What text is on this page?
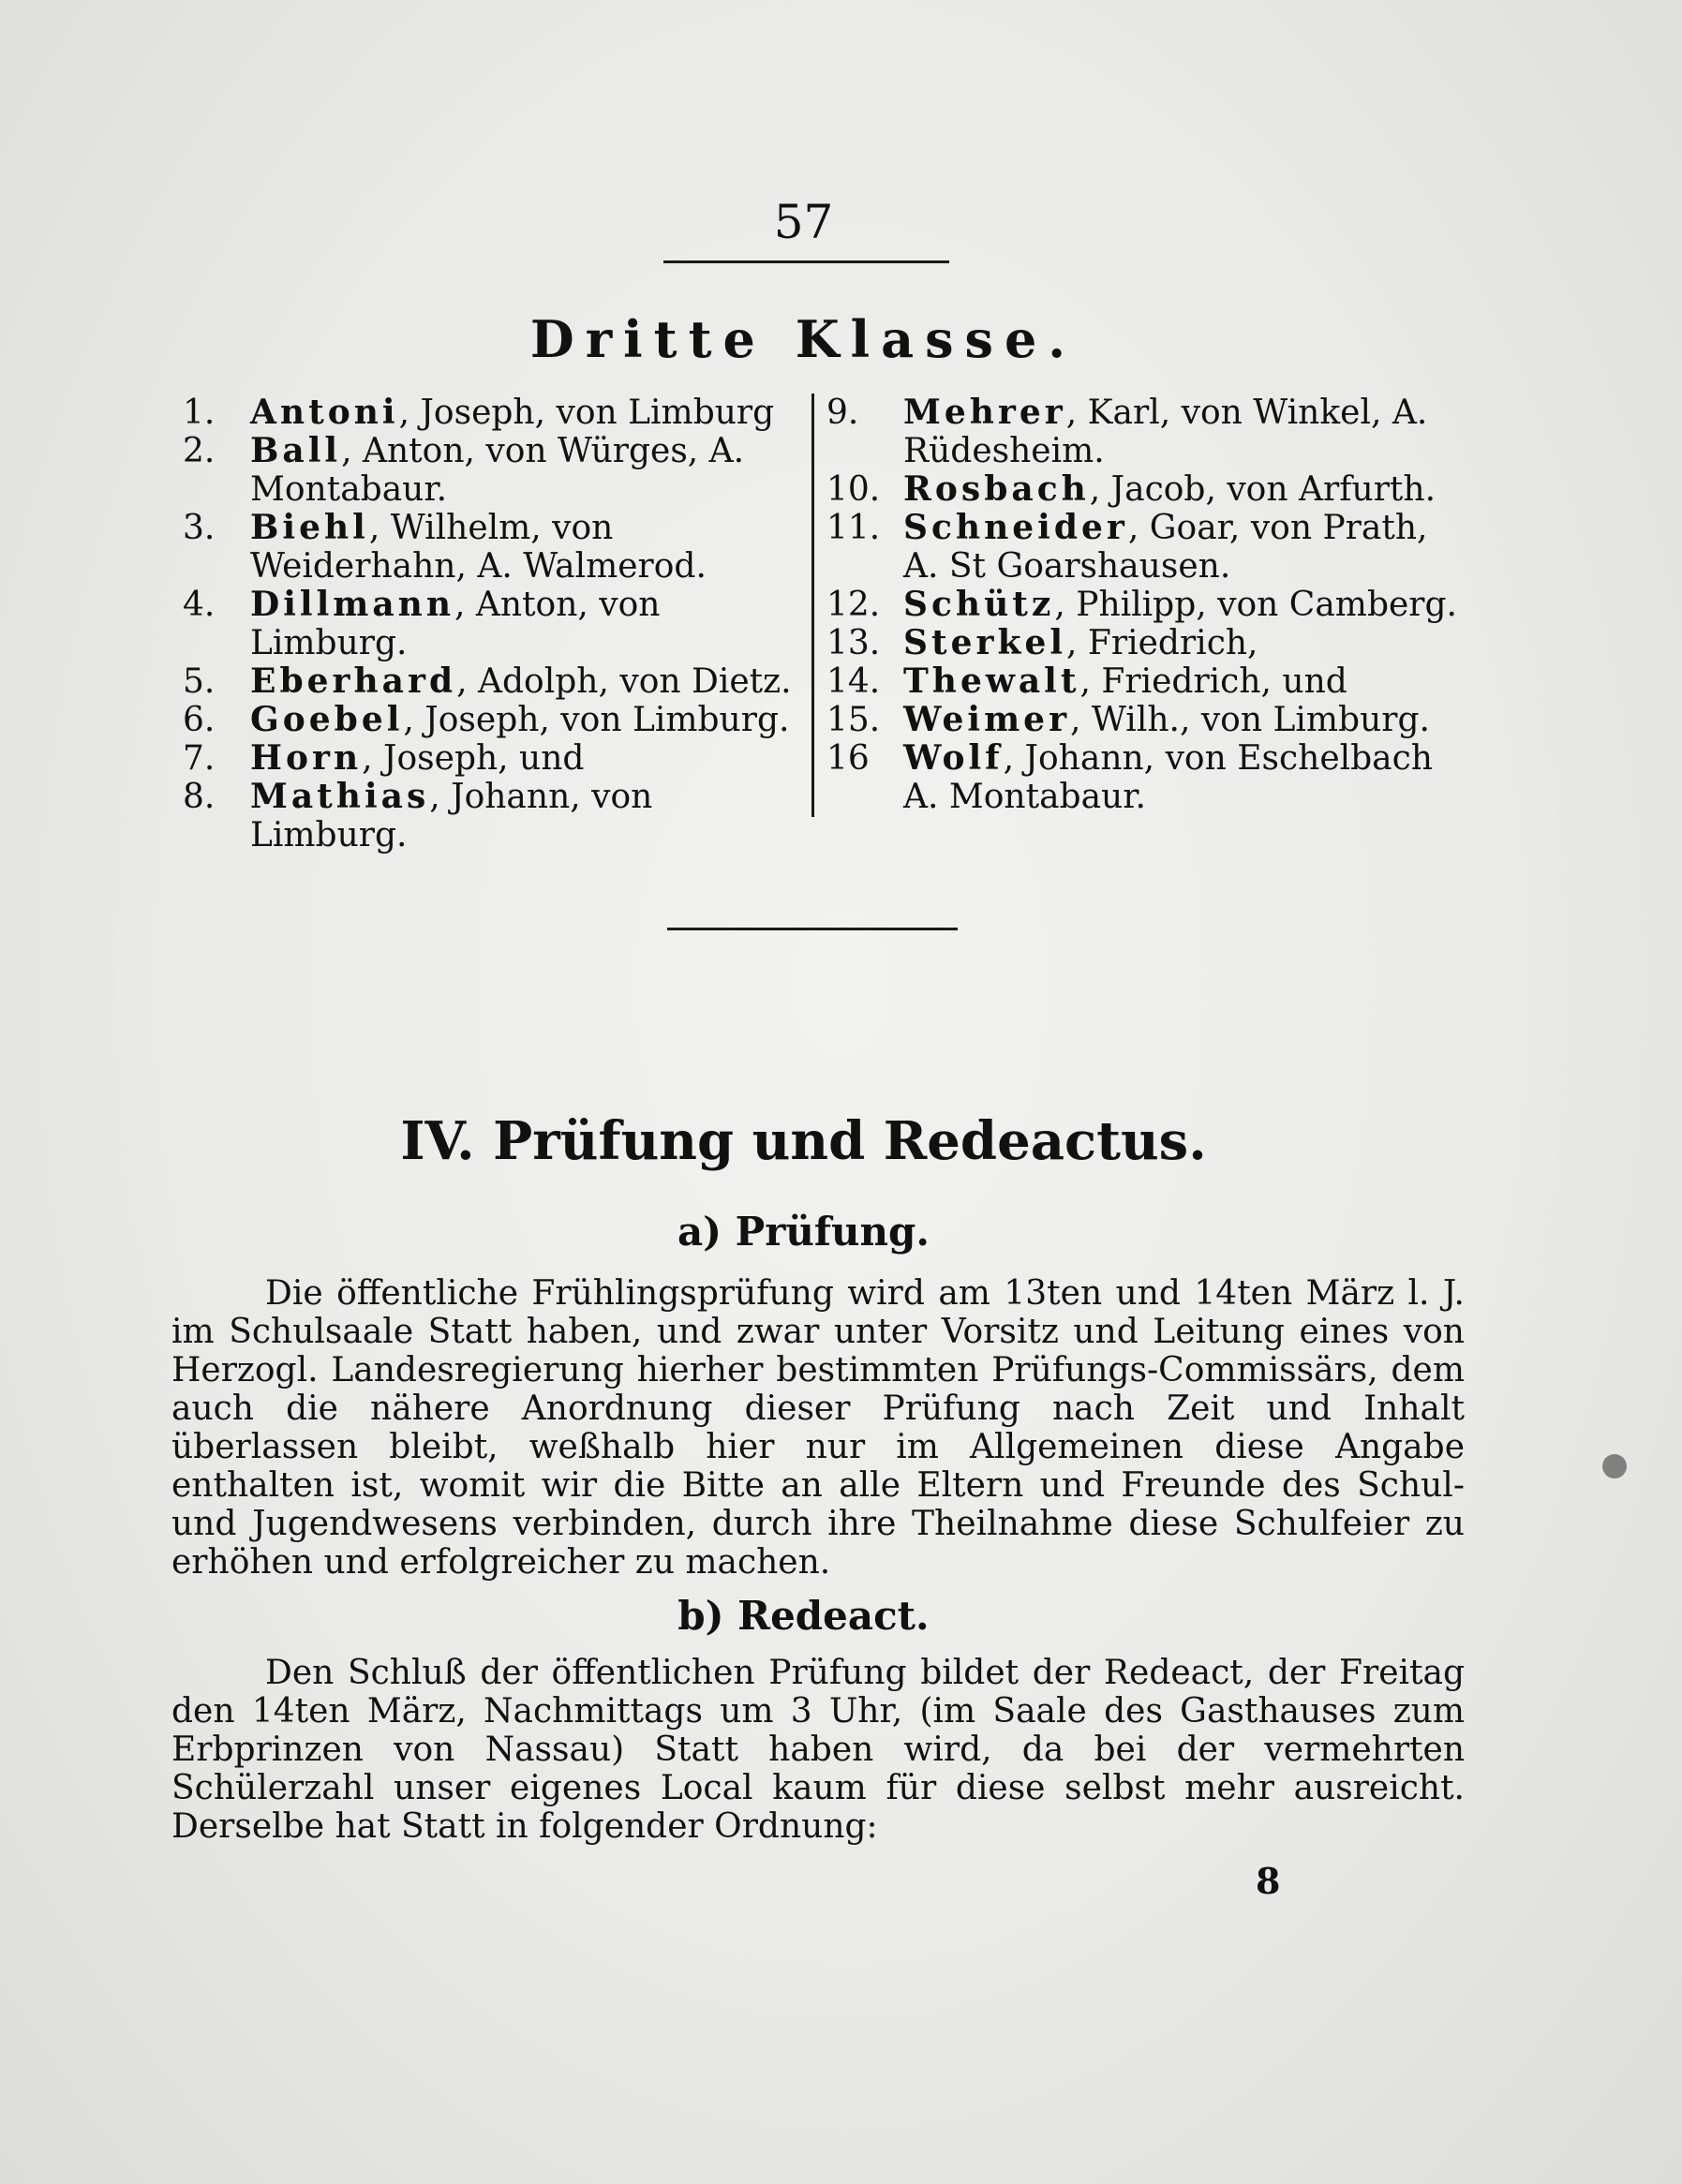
57
Dritte Klasse.
1.	Antoni, Joseph, von Limburg
2.	Ball, Anton, von Würges, A. Montabaur.
3.	Biehl, Wilhelm, von Weiderhahn, A. Walmerod.
4.	Dillmann, Anton, von Limburg.
5.	Eberhard, Adolph, von Dietz.
6.	Goebel, Joseph, von Limburg.
7.	Horn, Joseph, und
8.	Mathias, Johann, von Limburg.
9.	Mehrer, Karl, von Winkel, A. Rüdesheim.
10. Rosbach, Jacob, von Arfurth.
11. Schneider, Goar, von Prath, A. St Goarshausen.
12. Schütz, Philipp, von Camberg.
13. Sterkel, Friedrich,
14. Thewalt, Friedrich, und
15. Weimer, Wilh., von Limburg.
16	Wolf, Johann, von Eschelbach A. Montabaur.
IV. Prüfung und Redeactus.
a) Prüfung.

Die öffentliche Frühlingsprüfung wird am 13ten und 14ten März l. J. im Schulsaale Statt haben, und zwar unter Vorsitz und Leitung eines von Herzogl. Landesregierung hierher bestimmten Prüfungs-Commissärs, dem auch die nähere Anordnung dieser Prüfung nach Zeit und Inhalt überlassen bleibt, weßhalb hier nur im Allgemeinen diese Angabe enthalten ist, womit wir die Bitte an alle Eltern und Freunde des Schul- und Jugendwesens verbinden, durch ihre Theilnahme diese Schulfeier zu erhöhen und erfolgreicher zu machen.

b) Redeact.

Den Schluß der öffentlichen Prüfung bildet der Redeact, der Freitag den 14ten März, Nachmittags um 3 Uhr, (im Saale des Gasthauses zum Erbprinzen von Nassau) Statt haben wird, da bei der vermehrten Schülerzahl unser eigenes Local kaum für diese selbst mehr ausreicht. Derselbe hat Statt in folgender Ordnung:

8
